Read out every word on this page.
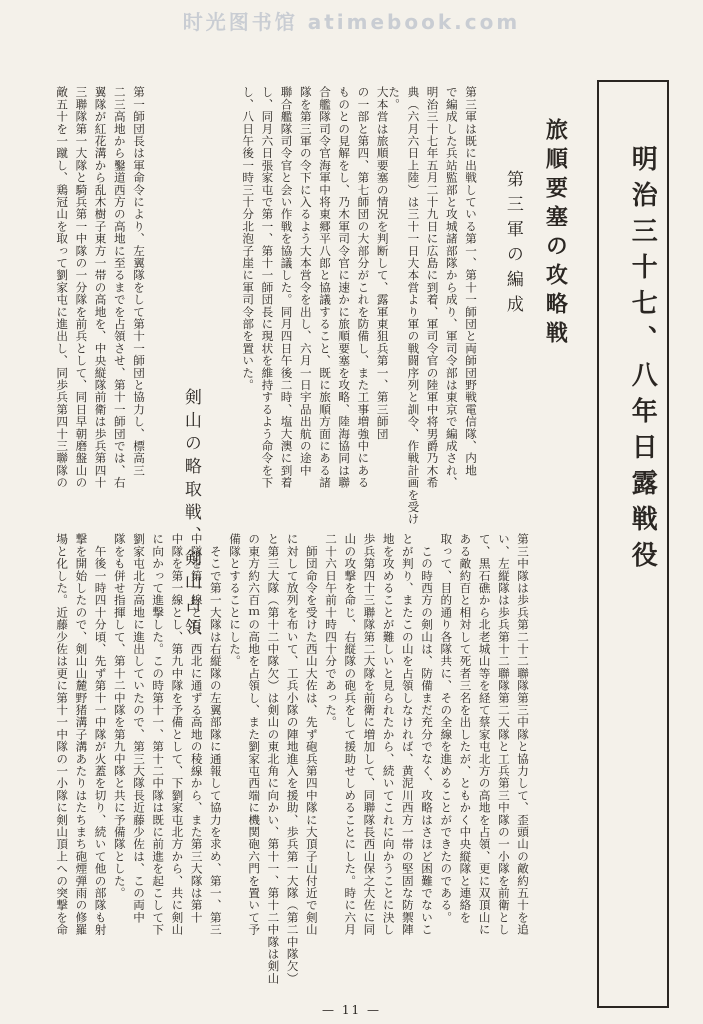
时光图书馆 atimebook.com
明治三十七、八年日露戦役
旅順要塞の攻略戦
第三軍の編成
第三軍は既に出戦している第一、第十一師団と両師団野戦電信隊、内地
で編成した兵站監部と攻城諸部隊から成り、軍司令部は東京で編成され、
明治三十七年五月二十九日に広島に到着、軍司令官の陸軍中将男爵乃木希
典（六月六日上陸）は三十一日大本営より軍の戦闘序列と訓令、作戦計画を受け
た。
大本営は旅順要塞の情況を判断して、露軍東狙兵第一、第三師団
の一部と第四、第七師団の大部分がこれを防備し、また工事増強中にある
ものとの見解をし、乃木軍司令官に速かに旅順要塞を攻略、陸海協同は聯
合艦隊司令官海軍中将東郷平八郎と協議すること、既に旅順方面にある諸
隊を第三軍の令下に入るよう大本営令を出し、六月一日宇品出航の途中
聯合艦隊司令官と会い作戦を協議した。同月四日午後二時、塩大澳に到着
し、同月六日張家屯で第一、第十一師団長に現状を維持するよう命令を下
し、八日午後一時三十分北泡子崖に軍司令部を置いた。
剣山の略取戦、剣山占領
第一師団長は軍命令により、左翼隊をして第十一師団と協力し、標高三
二三高地から鑿道西方の高地に至るまでを占領させ、第十一師団では、右
翼隊が紅花溝から乱木樹子東方一帯の高地を、中央縦隊前衛は歩兵第四十
三聯隊第一大隊と騎兵第一中隊の一分隊を前兵として、同日早朝磨盤山の
敵五十を一蹴し、鶏冠山を取って劉家屯に進出し、同歩兵第四十三聯隊の
第三中隊は歩兵第二十二聯隊第三中隊と協力して、歪頭山の敵約五十を追
い、左縦隊は歩兵第十二聯隊第二大隊と工兵第三中隊の一小隊を前衛とし
て、黒石礁から北老城山等を経て蔡家屯北方の高地を占領、更に双頂山に
ある敵約百と相対して死者三名を出したが、ともかく中央縦隊と連絡を
取って、目的通り各隊共に、その全線を進めることができたのである。
　この時西方の剣山は、防備まだ充分でなく、攻略はさほど困難でないこ
とが判り、またこの山を占領しなければ、黄泥川西方一帯の堅固な防禦陣
地を攻めることが難しいと見られたから、続いてこれに向かうことに決し
歩兵第四十三聯隊第二大隊を前衛に増加して、同聯隊長西山保之大佐に同
山の攻撃を命じ、右縦隊の砲兵をして援助せしめることにした。時に六月
二十六日午前十時四十分であった。
　師団命令を受けた西山大佐は、先ず砲兵第四中隊に大頂子山付近で剣山
に対して放列を布いて、工兵小隊の陣地進入を援助、歩兵第一大隊（第二中隊欠）
と第三大隊（第十二中隊欠）は剣山の東北角に向かい、第十一、第十二中隊は剣山
の東方約六百ｍの高地を占領し、また劉家屯西端に機関砲六門を置いて予
備隊とすることにした。
　そこで第一大隊は右縦隊の左翼部隊に通報して協力を求め、第一、第三
中隊を第一線とし、西北に通ずる高地の稜線から、また第三大隊は第十
中隊を第一線とし、第九中隊を予備として、下劉家屯北方から、共に剣山
に向かって進撃した。この時第十一、第十二中隊は既に前進を起こして下
劉家屯北方高地に進出していたので、第三大隊長近藤少佐は、この両中
隊をも併せ指揮して、第十二中隊を第九中隊と共に予備隊とした。
　午後一時四十分頃、先ず第十一中隊が火蓋を切り、続いて他の部隊も射
撃を開始したので、剣山山麓野猪溝子溝あたりはたちまち砲煙弾雨の修羅
場と化した。近藤少佐は更に第十一中隊の一小隊に剣山頂上への突撃を命
— 11 —
